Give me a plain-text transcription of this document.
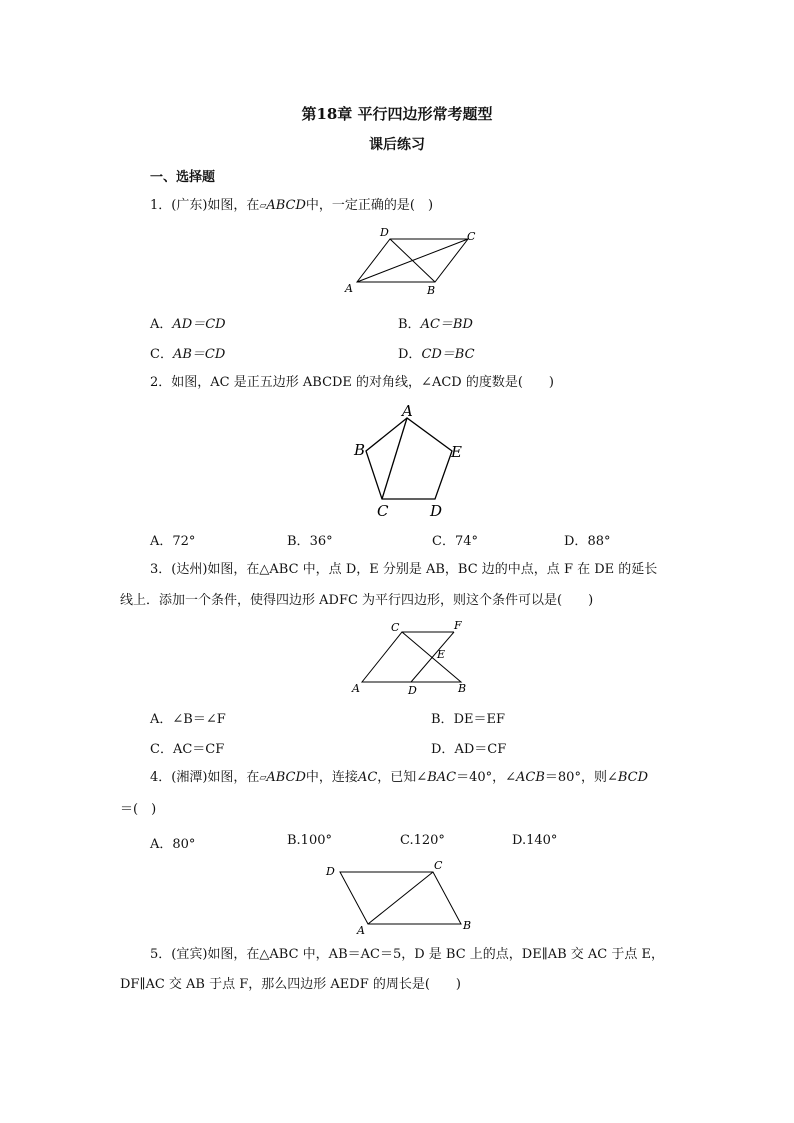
第18章 平行四边形常考题型
课后练习
一、选择题
1．(广东)如图，在▱ABCD中，一定正确的是(　)
A	B
C
D
A．AD＝CD	B．AC＝BD
C．AB＝CD	D．CD＝BC
2．如图，AC 是正五边形 ABCDE 的对角线，∠ACD 的度数是(　　)
A
B
C	D
E
A．72°	B．36°	C．74°	D．88°
3．(达州)如图，在△ABC 中，点 D，E 分别是 AB，BC 边的中点，点 F 在 DE 的延长
线上．添加一个条件，使得四边形 ADFC 为平行四边形，则这个条件可以是(　　)
A	B
C
D
E
F
A．∠B＝∠F	B．DE＝EF
C．AC＝CF	D．AD＝CF
4．(湘潭)如图，在▱ABCD中，连接AC，已知∠BAC＝40°，∠ACB＝80°，则∠BCD
＝(　)
A．80°	B.100°	C.120°	D.140°
A	B
C
D
5．(宜宾)如图，在△ABC 中，AB＝AC＝5，D 是 BC 上的点，DE∥AB 交 AC 于点 E，
DF∥AC 交 AB 于点 F，那么四边形 AEDF 的周长是(　　)
